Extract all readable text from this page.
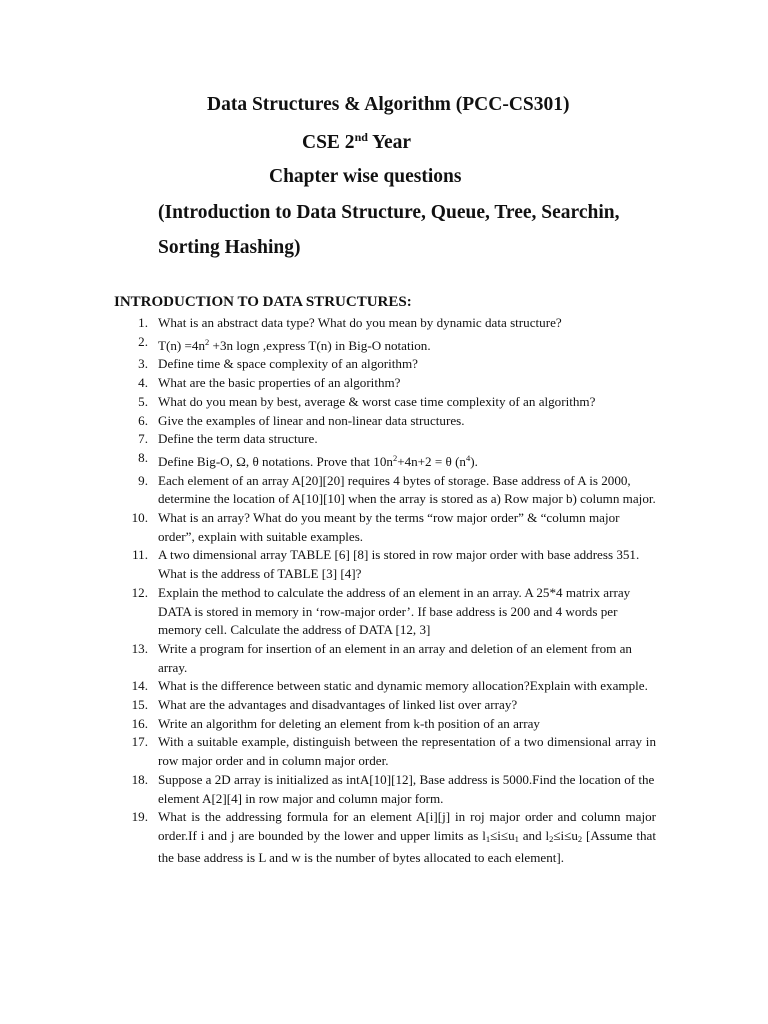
Data Structures & Algorithm (PCC-CS301)
CSE 2nd Year
Chapter wise questions
(Introduction to Data Structure, Queue, Tree, Searchin,
Sorting Hashing)
INTRODUCTION TO DATA STRUCTURES:
1. What is an abstract data type? What do you mean by dynamic data structure?
2. $T(n) =4n^2 +3n$ logn ,express T(n) in Big-O notation.
3. Define time & space complexity of an algorithm?
4. What are the basic properties of an algorithm?
5. What do you mean by best, average & worst case time complexity of an algorithm?
6. Give the examples of linear and non-linear data structures.
7. Define the term data structure.
8. Define Big-O, Ω, θ notations. Prove that $10n^2+4n+2 = \theta$ $(n^4)$.
9. Each element of an array A[20][20] requires 4 bytes of storage. Base address of A is 2000, determine the location of A[10][10] when the array is stored as a) Row major b) column major.
10. What is an array? What do you meant by the terms “row major order” & “column major order”, explain with suitable examples.
11. A two dimensional array TABLE [6] [8] is stored in row major order with base address 351. What is the address of TABLE [3] [4]?
12. Explain the method to calculate the address of an element in an array. A 25*4 matrix array DATA is stored in memory in ‘row-major order’. If base address is 200 and 4 words per memory cell. Calculate the address of DATA [12, 3]
13. Write a program for insertion of an element in an array and deletion of an element from an array.
14. What is the difference between static and dynamic memory allocation?Explain with example.
15. What are the advantages and disadvantages of linked list over array?
16. Write an algorithm for deleting an element from k-th position of an array
17. With a suitable example, distinguish between the representation of a two dimensional array in row major order and in column major order.
18. Suppose a 2D array is initialized as intA[10][12], Base address is 5000.Find the location of the element A[2][4] in row major and column major form.
19. What is the addressing formula for an element A[i][j] in roj major order and column major order.If i and j are bounded by the lower and upper limits as $l_1\le i\le u_1$ and $l_2\le i\le u_2$ [Assume that the base address is L and w is the number of bytes allocated to each element].
